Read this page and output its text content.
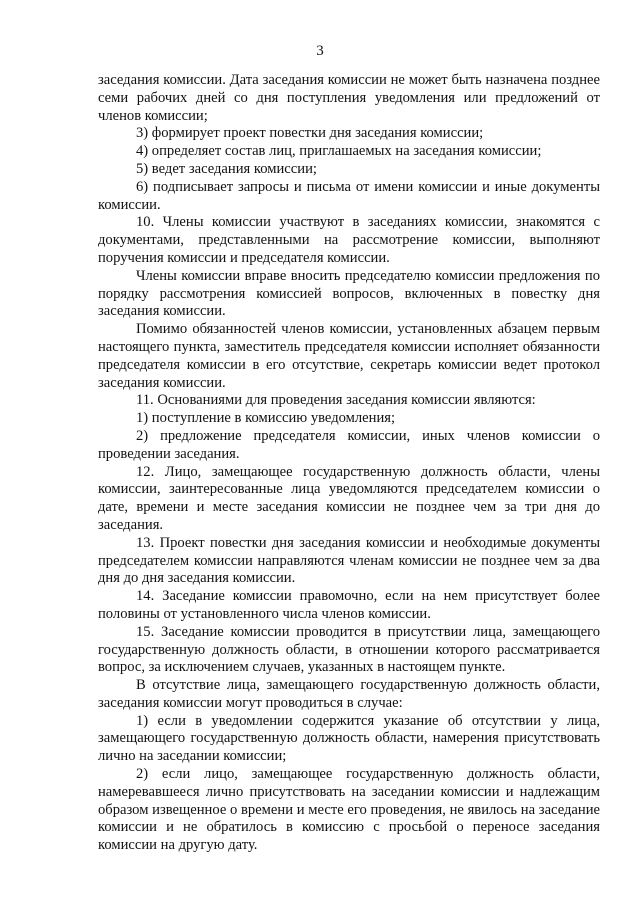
3

заседания комиссии. Дата заседания комиссии не может быть назначена позднее семи рабочих дней со дня поступления уведомления или предложений от членов комиссии;

3) формирует проект повестки дня заседания комиссии;

4) определяет состав лиц, приглашаемых на заседания комиссии;

5) ведет заседания комиссии;

6) подписывает запросы и письма от имени комиссии и иные документы комиссии.

10. Члены комиссии участвуют в заседаниях комиссии, знакомятся с документами, представленными на рассмотрение комиссии, выполняют поручения комиссии и председателя комиссии.

Члены комиссии вправе вносить председателю комиссии предложения по порядку рассмотрения комиссией вопросов, включенных в повестку дня заседания комиссии.

Помимо обязанностей членов комиссии, установленных абзацем первым настоящего пункта, заместитель председателя комиссии исполняет обязанности председателя комиссии в его отсутствие, секретарь комиссии ведет протокол заседания комиссии.

11. Основаниями для проведения заседания комиссии являются:

1) поступление в комиссию уведомления;

2) предложение председателя комиссии, иных членов комиссии о проведении заседания.

12. Лицо, замещающее государственную должность области, члены комиссии, заинтересованные лица уведомляются председателем комиссии о дате, времени и месте заседания комиссии не позднее чем за три дня до заседания.

13. Проект повестки дня заседания комиссии и необходимые документы председателем комиссии направляются членам комиссии не позднее чем за два дня до дня заседания комиссии.

14. Заседание комиссии правомочно, если на нем присутствует более половины от установленного числа членов комиссии.

15. Заседание комиссии проводится в присутствии лица, замещающего государственную должность области, в отношении которого рассматривается вопрос, за исключением случаев, указанных в настоящем пункте.

В отсутствие лица, замещающего государственную должность области, заседания комиссии могут проводиться в случае:

1) если в уведомлении содержится указание об отсутствии у лица, замещающего государственную должность области, намерения присутствовать лично на заседании комиссии;

2) если лицо, замещающее государственную должность области, намеревавшееся лично присутствовать на заседании комиссии и надлежащим образом извещенное о времени и месте его проведения, не явилось на заседание комиссии и не обратилось в комиссию с просьбой о переносе заседания комиссии на другую дату.
